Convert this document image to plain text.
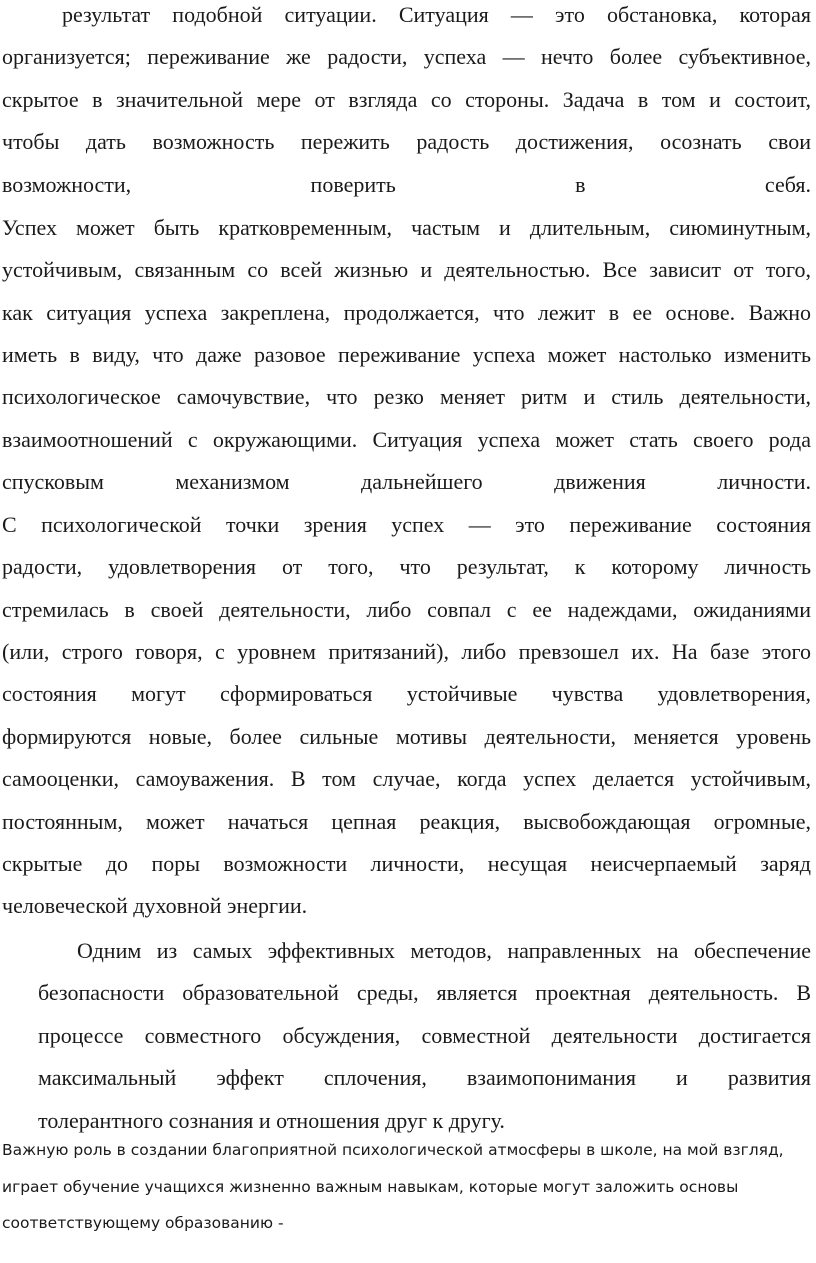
результат подобной ситуации. Ситуация — это обстановка, которая
организуется; переживание же радости, успеха — нечто более субъективное,
скрытое в значительной мере от взгляда со стороны. Задача в том и состоит,
чтобы дать возможность пережить радость достижения, осознать свои
возможности, поверить в себя.
Успех может быть кратковременным, частым и длительным, сиюминутным,
устойчивым, связанным со всей жизнью и деятельностью. Все зависит от того,
как ситуация успеха закреплена, продолжается, что лежит в ее основе. Важно
иметь в виду, что даже разовое переживание успеха может настолько изменить
психологическое самочувствие, что резко меняет ритм и стиль деятельности,
взаимоотношений с окружающими. Ситуация успеха может стать своего рода
спусковым механизмом дальнейшего движения личности.
С психологической точки зрения успех — это переживание состояния
радости, удовлетворения от того, что результат, к которому личность
стремилась в своей деятельности, либо совпал с ее надеждами, ожиданиями
(или, строго говоря, с уровнем притязаний), либо превзошел их. На базе этого
состояния могут сформироваться устойчивые чувства удовлетворения,
формируются новые, более сильные мотивы деятельности, меняется уровень
самооценки, самоуважения. В том случае, когда успех делается устойчивым,
постоянным, может начаться цепная реакция, высвобождающая огромные,
скрытые до поры возможности личности, несущая неисчерпаемый заряд
человеческой духовной энергии.
Одним из самых эффективных методов, направленных на обеспечение
безопасности образовательной среды, является проектная деятельность. В
процессе совместного обсуждения, совместной деятельности достигается
максимальный эффект сплочения, взаимопонимания и развития
толерантного сознания и отношения друг к другу.
Важную роль в создании благоприятной психологической атмосферы в школе, на мой взгляд,
играет обучение учащихся жизненно важным навыкам, которые могут заложить основы
соответствующему образованию -
